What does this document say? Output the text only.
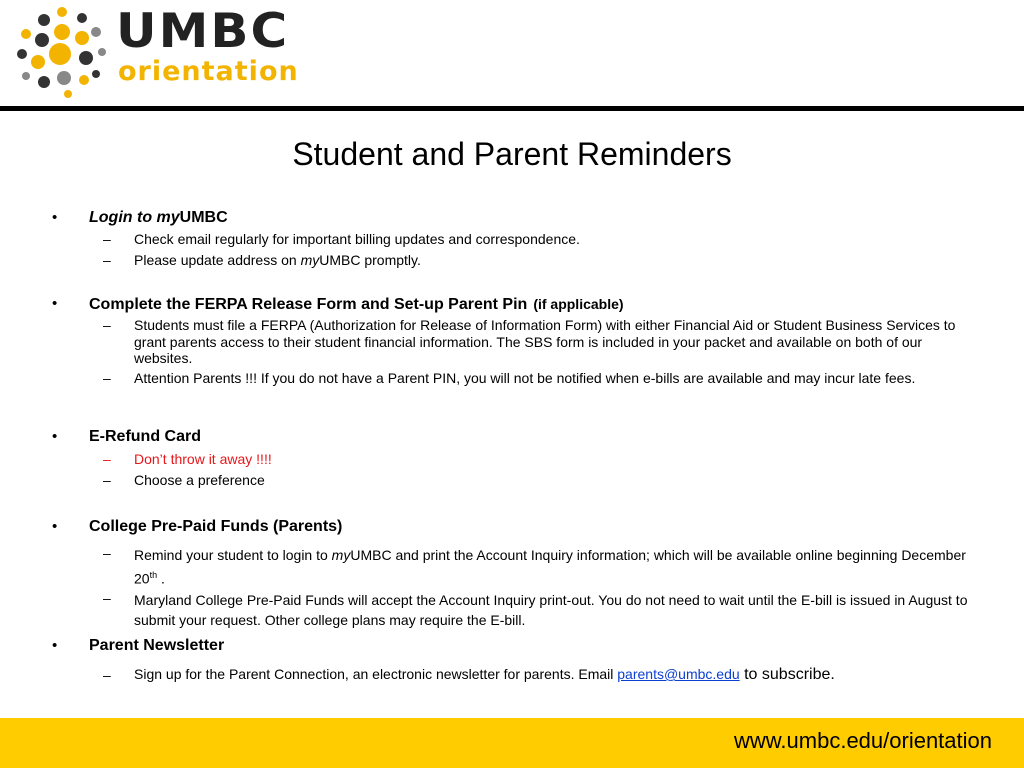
UMBC
orientation
Student and Parent Reminders
• Login to myUMBC
– Check email regularly for important billing updates and correspondence.
– Please update address on myUMBC promptly.
• Complete the FERPA Release Form and Set-up Parent Pin (if applicable)
– Students must file a FERPA (Authorization for Release of Information Form) with either Financial Aid or Student Business Services to grant parents access to their student financial information. The SBS form is included in your packet and available on both of our websites.
– Attention Parents !!! If you do not have a Parent PIN, you will not be notified when e-bills are available and may incur late fees.
• E-Refund Card
– Don’t throw it away !!!!
– Choose a preference
• College Pre-Paid Funds (Parents)
– Remind your student to login to myUMBC and print the Account Inquiry information; which will be available online beginning December 20th .
– Maryland College Pre-Paid Funds will accept the Account Inquiry print-out. You do not need to wait until the E-bill is issued in August to submit your request. Other college plans may require the E-bill.
• Parent Newsletter
– Sign up for the Parent Connection, an electronic newsletter for parents. Email parents@umbc.edu to subscribe.
www.umbc.edu/orientation
